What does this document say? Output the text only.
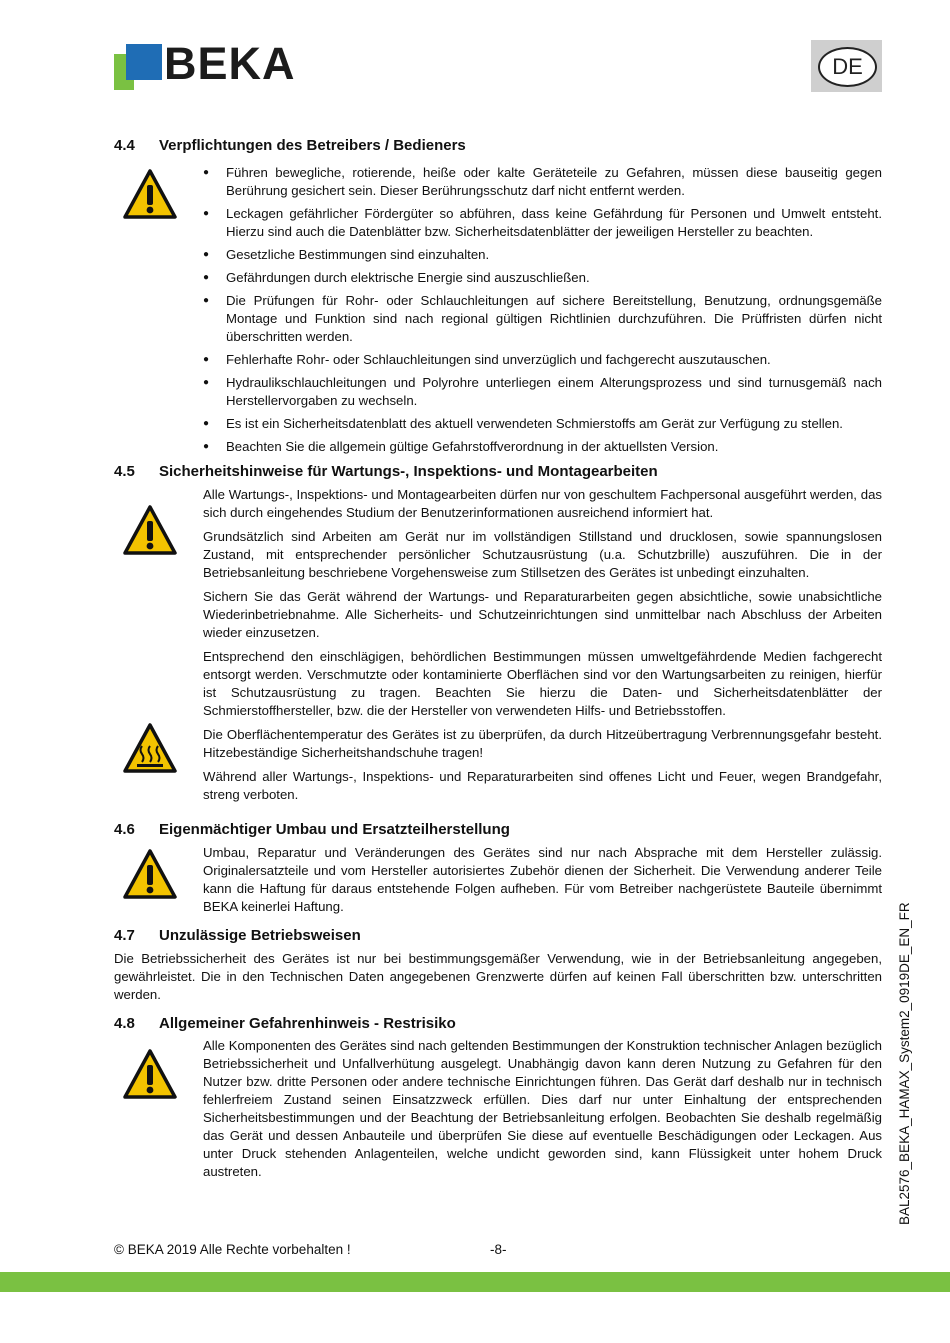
BEKA	DE
4.4 Verpflichtungen des Betreibers / Bedieners
● Führen bewegliche, rotierende, heiße oder kalte Geräteteile zu Gefahren, müssen diese bauseitig gegen Berührung gesichert sein. Dieser Berührungsschutz darf nicht entfernt werden.
● Leckagen gefährlicher Fördergüter so abführen, dass keine Gefährdung für Personen und Umwelt entsteht. Hierzu sind auch die Datenblätter bzw. Sicherheitsdatenblätter der jeweiligen Hersteller zu beachten.
● Gesetzliche Bestimmungen sind einzuhalten.
● Gefährdungen durch elektrische Energie sind auszuschließen.
● Die Prüfungen für Rohr- oder Schlauchleitungen auf sichere Bereitstellung, Benutzung, ordnungsgemäße Montage und Funktion sind nach regional gültigen Richtlinien durchzuführen. Die Prüffristen dürfen nicht überschritten werden.
● Fehlerhafte Rohr- oder Schlauchleitungen sind unverzüglich und fachgerecht auszutauschen.
● Hydraulikschlauchleitungen und Polyrohre unterliegen einem Alterungsprozess und sind turnusgemäß nach Herstellervorgaben zu wechseln.
● Es ist ein Sicherheitsdatenblatt des aktuell verwendeten Schmierstoffs am Gerät zur Verfügung zu stellen.
● Beachten Sie die allgemein gültige Gefahrstoffverordnung in der aktuellsten Version.
4.5 Sicherheitshinweise für Wartungs-, Inspektions- und Montagearbeiten

Alle Wartungs-, Inspektions- und Montagearbeiten dürfen nur von geschultem Fachpersonal ausgeführt werden, das sich durch eingehendes Studium der Benutzerinformationen ausreichend informiert hat.

Grundsätzlich sind Arbeiten am Gerät nur im vollständigen Stillstand und drucklosen, sowie spannungslosen Zustand, mit entsprechender persönlicher Schutzausrüstung (u.a. Schutzbrille) auszuführen. Die in der Betriebsanleitung beschriebene Vorgehensweise zum Stillsetzen des Gerätes ist unbedingt einzuhalten.

Sichern Sie das Gerät während der Wartungs- und Reparaturarbeiten gegen absichtliche, sowie unabsichtliche Wiederinbetriebnahme. Alle Sicherheits- und Schutzeinrichtungen sind unmittelbar nach Abschluss der Arbeiten wieder einzusetzen.

Entsprechend den einschlägigen, behördlichen Bestimmungen müssen umweltgefährdende Medien fachgerecht entsorgt werden. Verschmutzte oder kontaminierte Oberflächen sind vor den Wartungsarbeiten zu reinigen, hierfür ist Schutzausrüstung zu tragen. Beachten Sie hierzu die Daten- und Sicherheitsdatenblätter der Schmierstoffhersteller, bzw. die der Hersteller von verwendeten Hilfs- und Betriebsstoffen.

Die Oberflächentemperatur des Gerätes ist zu überprüfen, da durch Hitzeübertragung Verbrennungsgefahr besteht. Hitzebeständige Sicherheitshandschuhe tragen!

Während aller Wartungs-, Inspektions- und Reparaturarbeiten sind offenes Licht und Feuer, wegen Brandgefahr, streng verboten.

4.6 Eigenmächtiger Umbau und Ersatzteilherstellung

Umbau, Reparatur und Veränderungen des Gerätes sind nur nach Absprache mit dem Hersteller zulässig. Originalersatzteile und vom Hersteller autorisiertes Zubehör dienen der Sicherheit. Die Verwendung anderer Teile kann die Haftung für daraus entstehende Folgen aufheben. Für vom Betreiber nachgerüstete Bauteile übernimmt BEKA keinerlei Haftung.

4.7 Unzulässige Betriebsweisen

Die Betriebssicherheit des Gerätes ist nur bei bestimmungsgemäßer Verwendung, wie in der Betriebsanleitung angegeben, gewährleistet. Die in den Technischen Daten angegebenen Grenzwerte dürfen auf keinen Fall überschritten bzw. unterschritten werden.

4.8 Allgemeiner Gefahrenhinweis - Restrisiko

Alle Komponenten des Gerätes sind nach geltenden Bestimmungen der Konstruktion technischer Anlagen bezüglich Betriebssicherheit und Unfallverhütung ausgelegt. Unabhängig davon kann deren Nutzung zu Gefahren für den Nutzer bzw. dritte Personen oder andere technische Einrichtungen führen. Das Gerät darf deshalb nur in technisch fehlerfreiem Zustand seinen Einsatzzweck erfüllen. Dies darf nur unter Einhaltung der entsprechenden Sicherheitsbestimmungen und der Beachtung der Betriebsanleitung erfolgen. Beobachten Sie deshalb regelmäßig das Gerät und dessen Anbauteile und überprüfen Sie diese auf eventuelle Beschädigungen oder Leckagen. Aus unter Druck stehenden Anlagenteilen, welche undicht geworden sind, kann Flüssigkeit unter hohem Druck austreten.	BAL2576_BEKA_HAMAX_System2_0919DE_EN_FR
© BEKA 2019 Alle Rechte vorbehalten !	-8-
